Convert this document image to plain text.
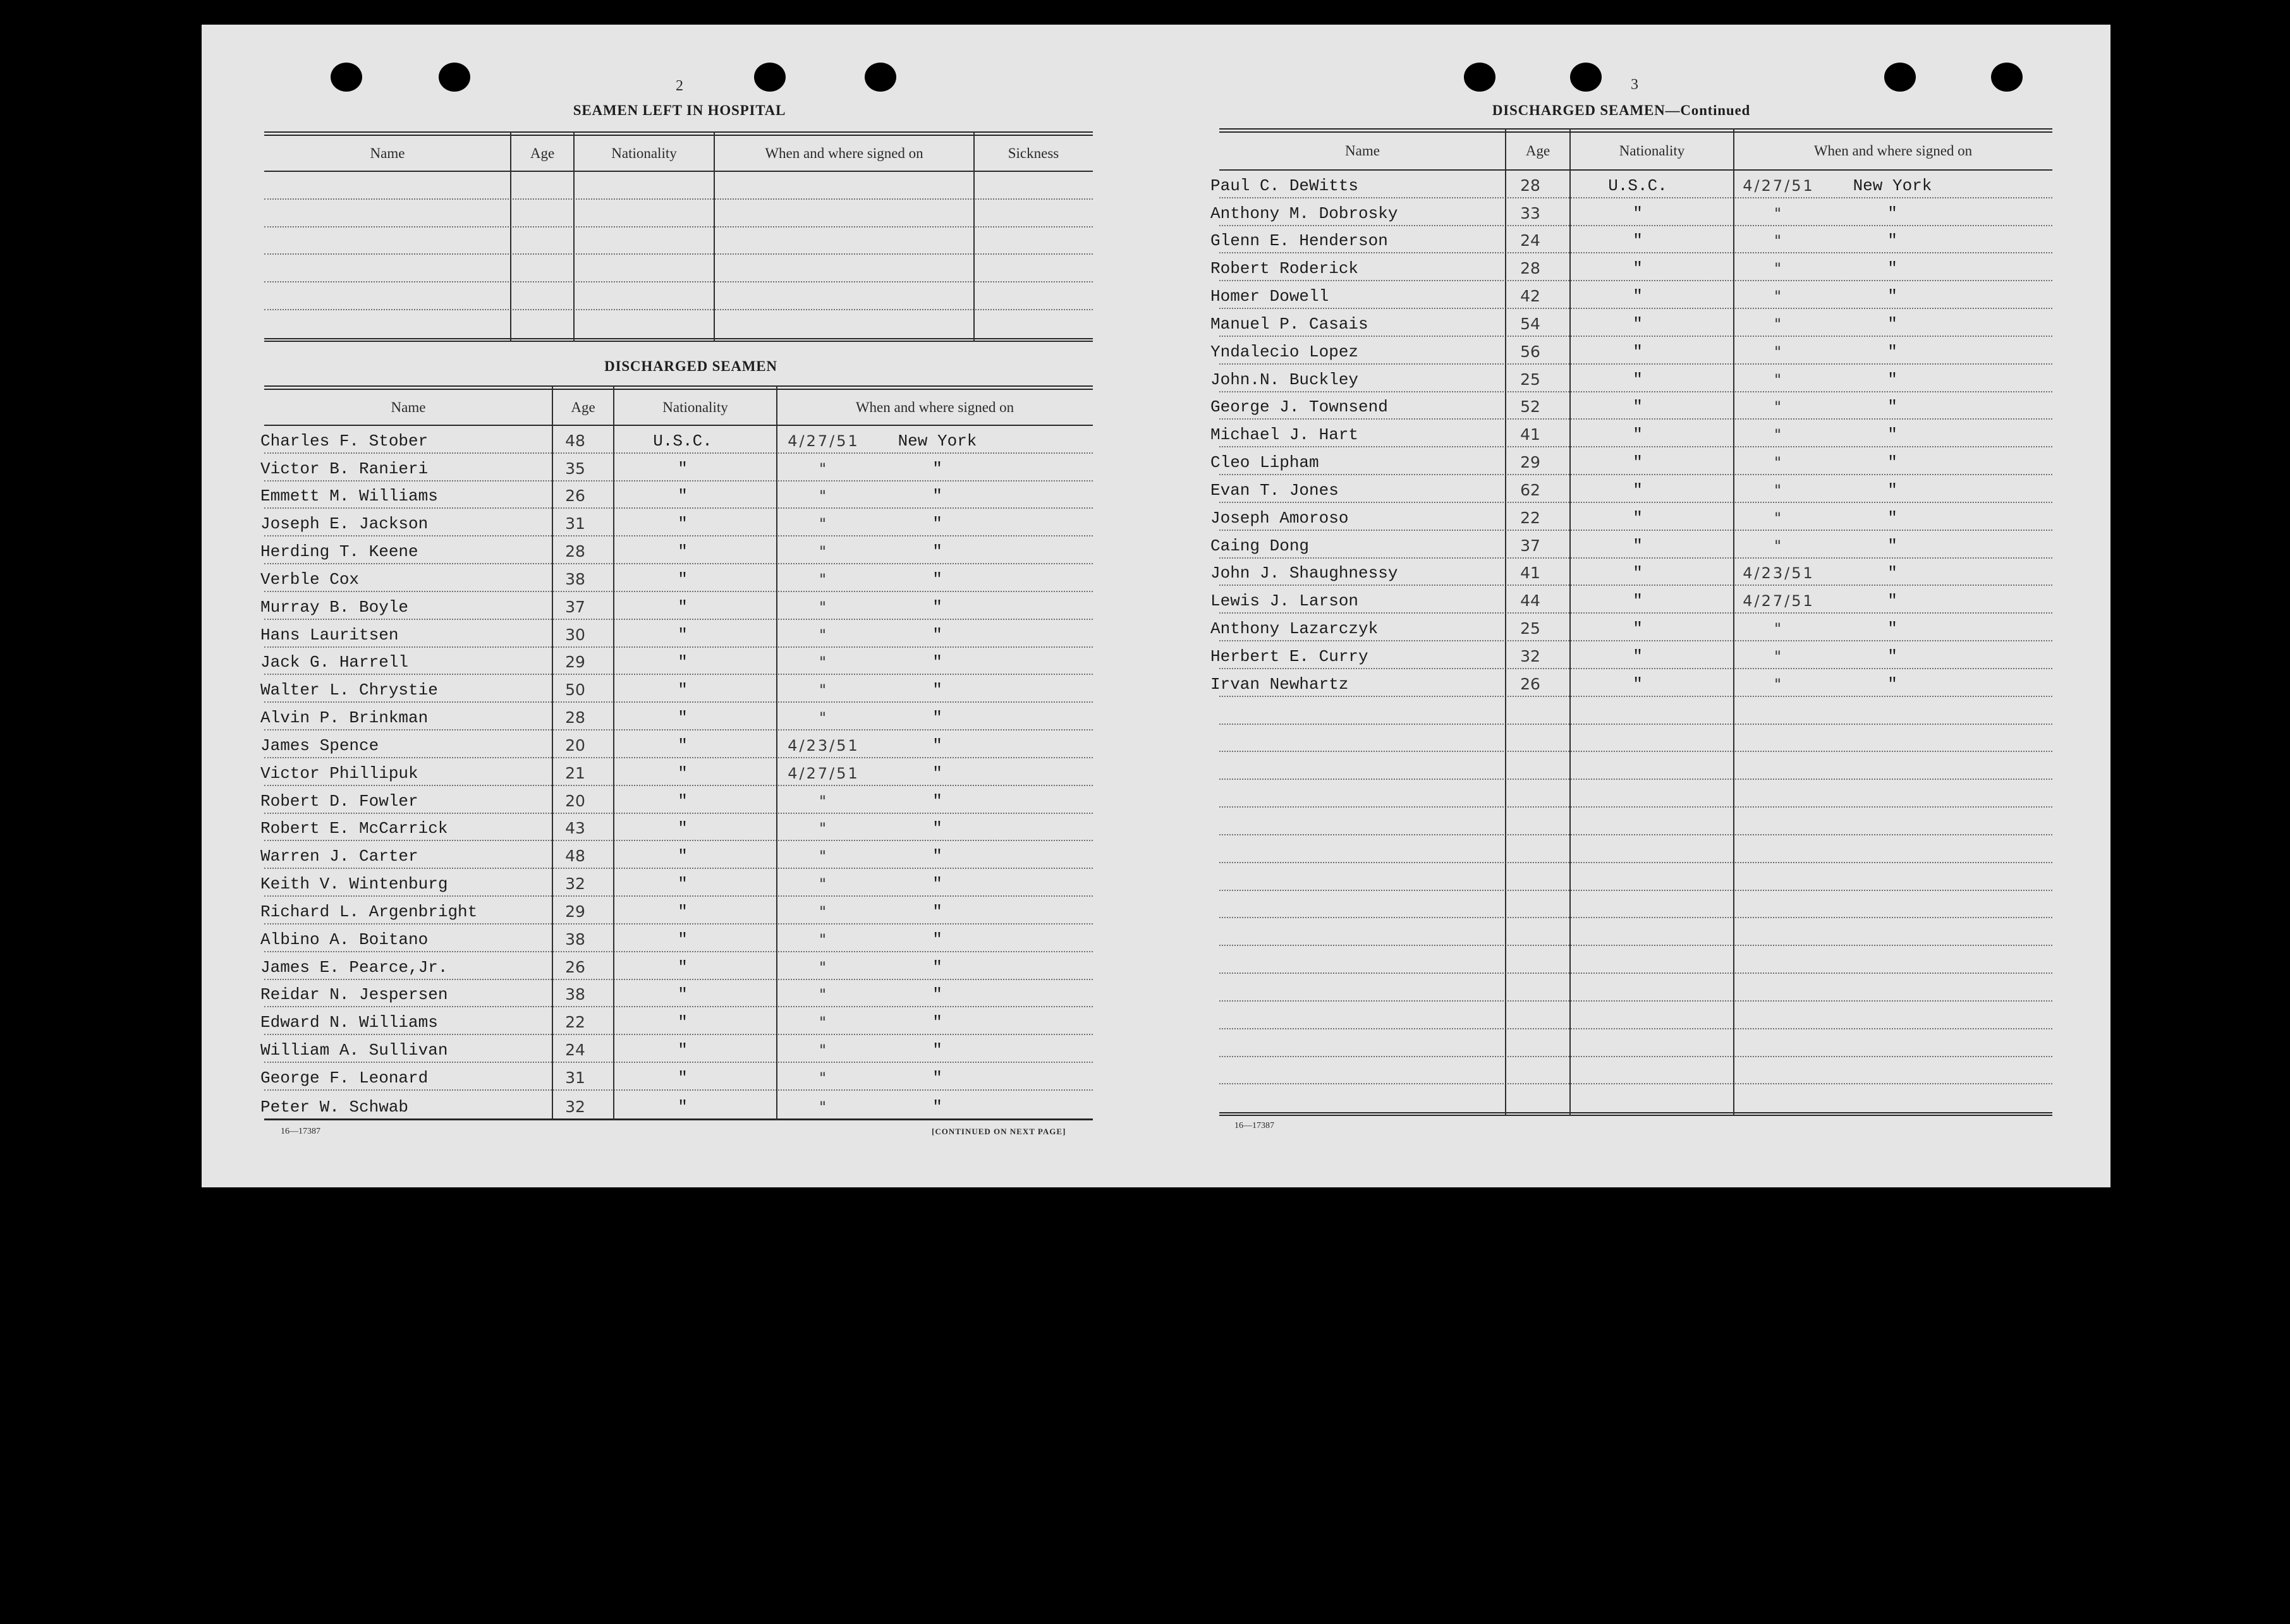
2
SEAMEN LEFT IN HOSPITAL
Name	Age	Nationality	When and where signed on	Sickness
DISCHARGED SEAMEN
Name	Age	Nationality	When and where signed on
Charles F. Stober	48	U.S.C.	4/27/51	New York
Victor B. Ranieri	35	"	"	"
Emmett M. Williams	26	"	"	"
Joseph E. Jackson	31	"	"	"
Herding T. Keene	28	"	"	"
Verble Cox	38	"	"	"
Murray B. Boyle	37	"	"	"
Hans Lauritsen	30	"	"	"
Jack G. Harrell	29	"	"	"
Walter L. Chrystie	50	"	"	"
Alvin P. Brinkman	28	"	"	"
James Spence	20	"	4/23/51	"
Victor Phillipuk	21	"	4/27/51	"
Robert D. Fowler	20	"	"	"
Robert E. McCarrick	43	"	"	"
Warren J. Carter	48	"	"	"
Keith V. Wintenburg	32	"	"	"
Richard L. Argenbright	29	"	"	"
Albino A. Boitano	38	"	"	"
James E. Pearce,Jr.	26	"	"	"
Reidar N. Jespersen	38	"	"	"
Edward N. Williams	22	"	"	"
William A. Sullivan	24	"	"	"
George F. Leonard	31	"	"	"
Peter W. Schwab	32	"	"	"
16—17387	[CONTINUED ON NEXT PAGE]
3
DISCHARGED SEAMEN—Continued
Name	Age	Nationality	When and where signed on
Paul C. DeWitts	28	U.S.C.	4/27/51	New York
Anthony M. Dobrosky	33	"	"	"
Glenn E. Henderson	24	"	"	"
Robert Roderick	28	"	"	"
Homer Dowell	42	"	"	"
Manuel P. Casais	54	"	"	"
Yndalecio Lopez	56	"	"	"
John.N. Buckley	25	"	"	"
George J. Townsend	52	"	"	"
Michael J. Hart	41	"	"	"
Cleo Lipham	29	"	"	"
Evan T. Jones	62	"	"	"
Joseph Amoroso	22	"	"	"
Caing Dong	37	"	"	"
John J. Shaughnessy	41	"	4/23/51	"
Lewis J. Larson	44	"	4/27/51	"
Anthony Lazarczyk	25	"	"	"
Herbert E. Curry	32	"	"	"
Irvan Newhartz	26	"	"	"
16—17387
